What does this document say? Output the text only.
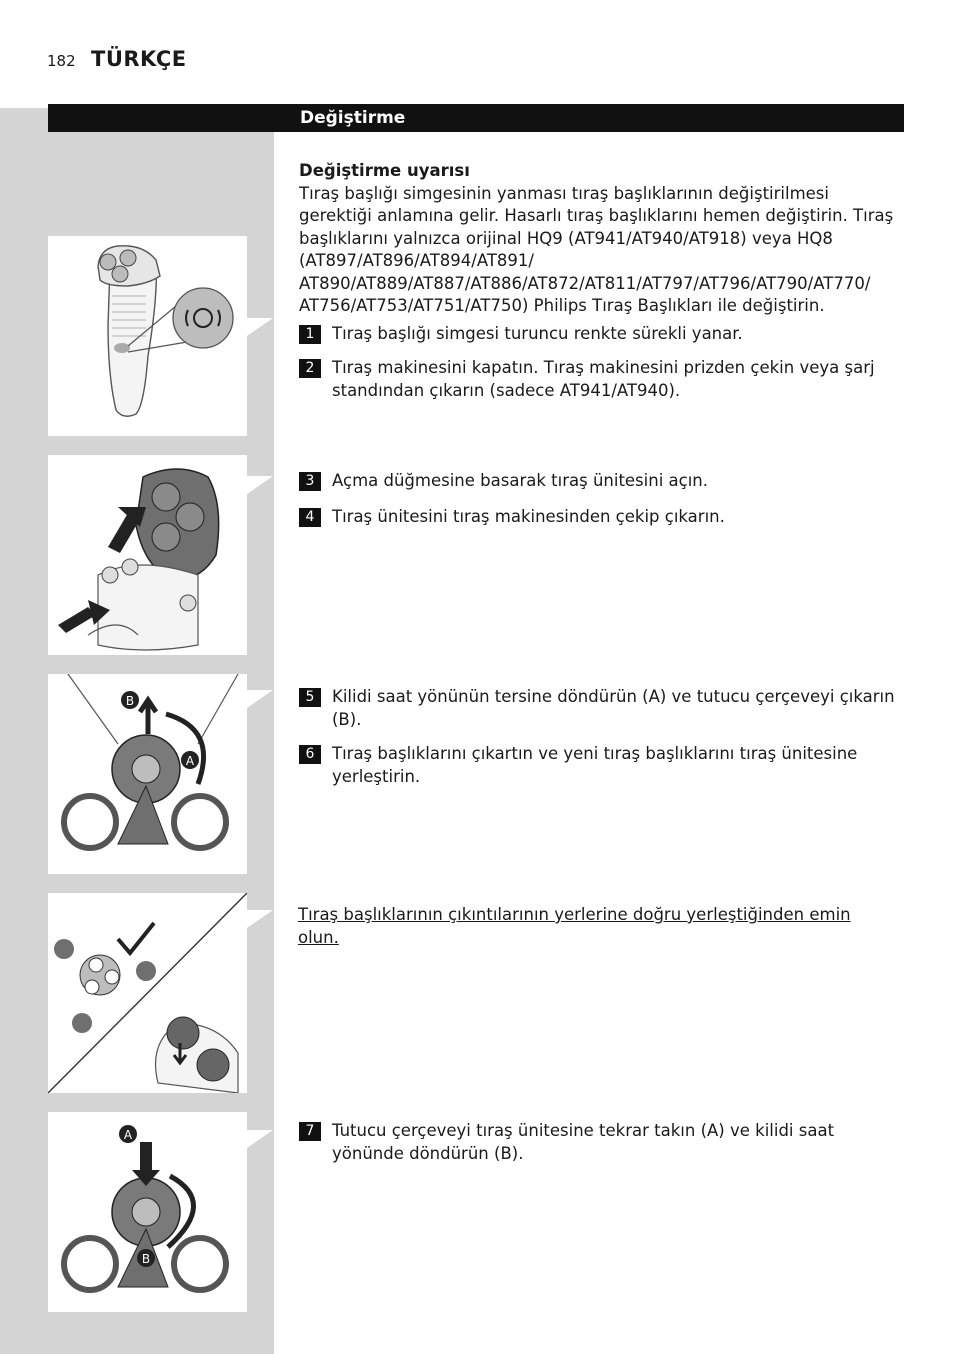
182 TÜRKÇE
Değiştirme
Değiştirme uyarısı
Tıraş başlığı simgesinin yanması tıraş başlıklarının değiştirilmesi gerektiği anlamına gelir. Hasarlı tıraş başlıklarını hemen değiştirin. Tıraş başlıklarını yalnızca orijinal HQ9 (AT941/AT940/AT918) veya HQ8 (AT897/AT896/AT894/AT891/ AT890/AT889/AT887/AT886/AT872/AT811/AT797/AT796/AT790/AT770/ AT756/AT753/AT751/AT750) Philips Tıraş Başlıkları ile değiştirin.
B
A
A
B
1	Tıraş başlığı simgesi turuncu renkte sürekli yanar.
2	Tıraş makinesini kapatın. Tıraş makinesini prizden çekin veya şarj standından çıkarın (sadece AT941/AT940).
3	Açma düğmesine basarak tıraş ünitesini açın.
4	Tıraş ünitesini tıraş makinesinden çekip çıkarın.
5	Kilidi saat yönünün tersine döndürün (A) ve tutucu çerçeveyi çıkarın (B).
6	Tıraş başlıklarını çıkartın ve yeni tıraş başlıklarını tıraş ünitesine yerleştirin.
Tıraş başlıklarının çıkıntılarının yerlerine doğru yerleştiğinden emin olun.
7	Tutucu çerçeveyi tıraş ünitesine tekrar takın (A) ve kilidi saat yönünde döndürün (B).
